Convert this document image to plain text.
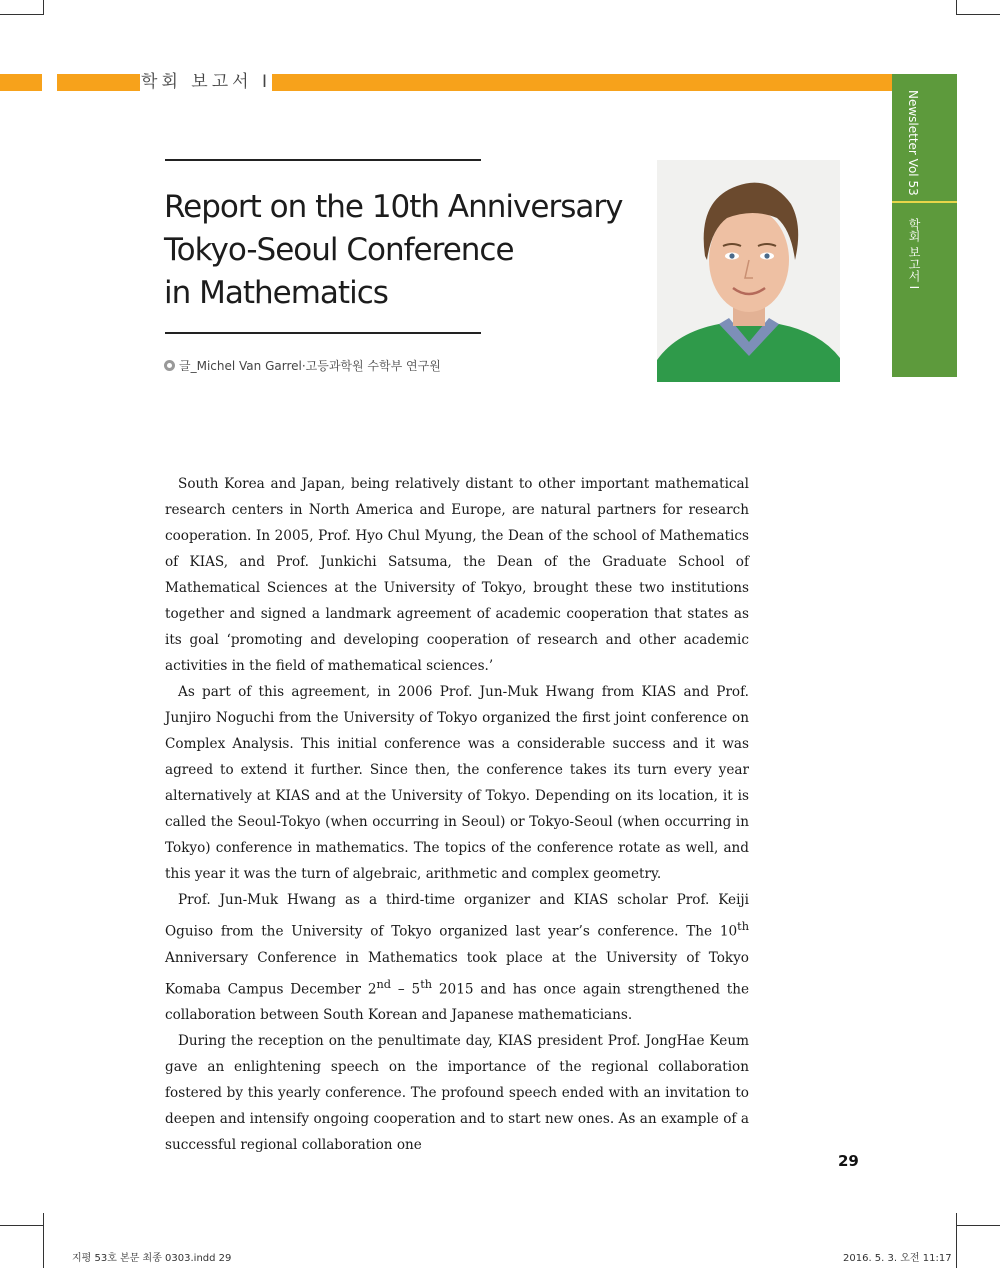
학회 보고서 I
Newsletter Vol 53
학회 보고서 I
Report on the 10th Anniversary
Tokyo-Seoul Conference
in Mathematics
글_Michel Van Garrel·고등과학원 수학부 연구원

South Korea and Japan, being relatively distant to other important mathematical research centers in North America and Europe, are natural partners for research cooperation. In 2005, Prof. Hyo Chul Myung, the Dean of the school of Mathematics of KIAS, and Prof. Junkichi Satsuma, the Dean of the Graduate School of Mathematical Sciences at the University of Tokyo, brought these two institutions together and signed a landmark agreement of academic cooperation that states as its goal ‘promoting and developing cooperation of research and other academic activities in the field of mathematical sciences.’

As part of this agreement, in 2006 Prof. Jun-Muk Hwang from KIAS and Prof. Junjiro Noguchi from the University of Tokyo organized the first joint conference on Complex Analysis. This initial conference was a considerable success and it was agreed to extend it further. Since then, the conference takes its turn every year alternatively at KIAS and at the University of Tokyo. Depending on its location, it is called the Seoul-Tokyo (when occurring in Seoul) or Tokyo-Seoul (when occurring in Tokyo) conference in mathematics. The topics of the conference rotate as well, and this year it was the turn of algebraic, arithmetic and complex geometry.

Prof. Jun-Muk Hwang as a third-time organizer and KIAS scholar Prof. Keiji Oguiso from the University of Tokyo organized last year’s conference. The 10th Anniversary Conference in Mathematics took place at the University of Tokyo Komaba Campus December 2nd – 5th 2015 and has once again strengthened the collaboration between South Korean and Japanese mathematicians.

During the reception on the penultimate day, KIAS president Prof. JongHae Keum gave an enlightening speech on the importance of the regional collaboration fostered by this yearly conference. The profound speech ended with an invitation to deepen and intensify ongoing cooperation and to start new ones. As an example of a successful regional collaboration one

29
지평 53호 본문 최종 0303.indd 29	2016. 5. 3. 오전 11:17
